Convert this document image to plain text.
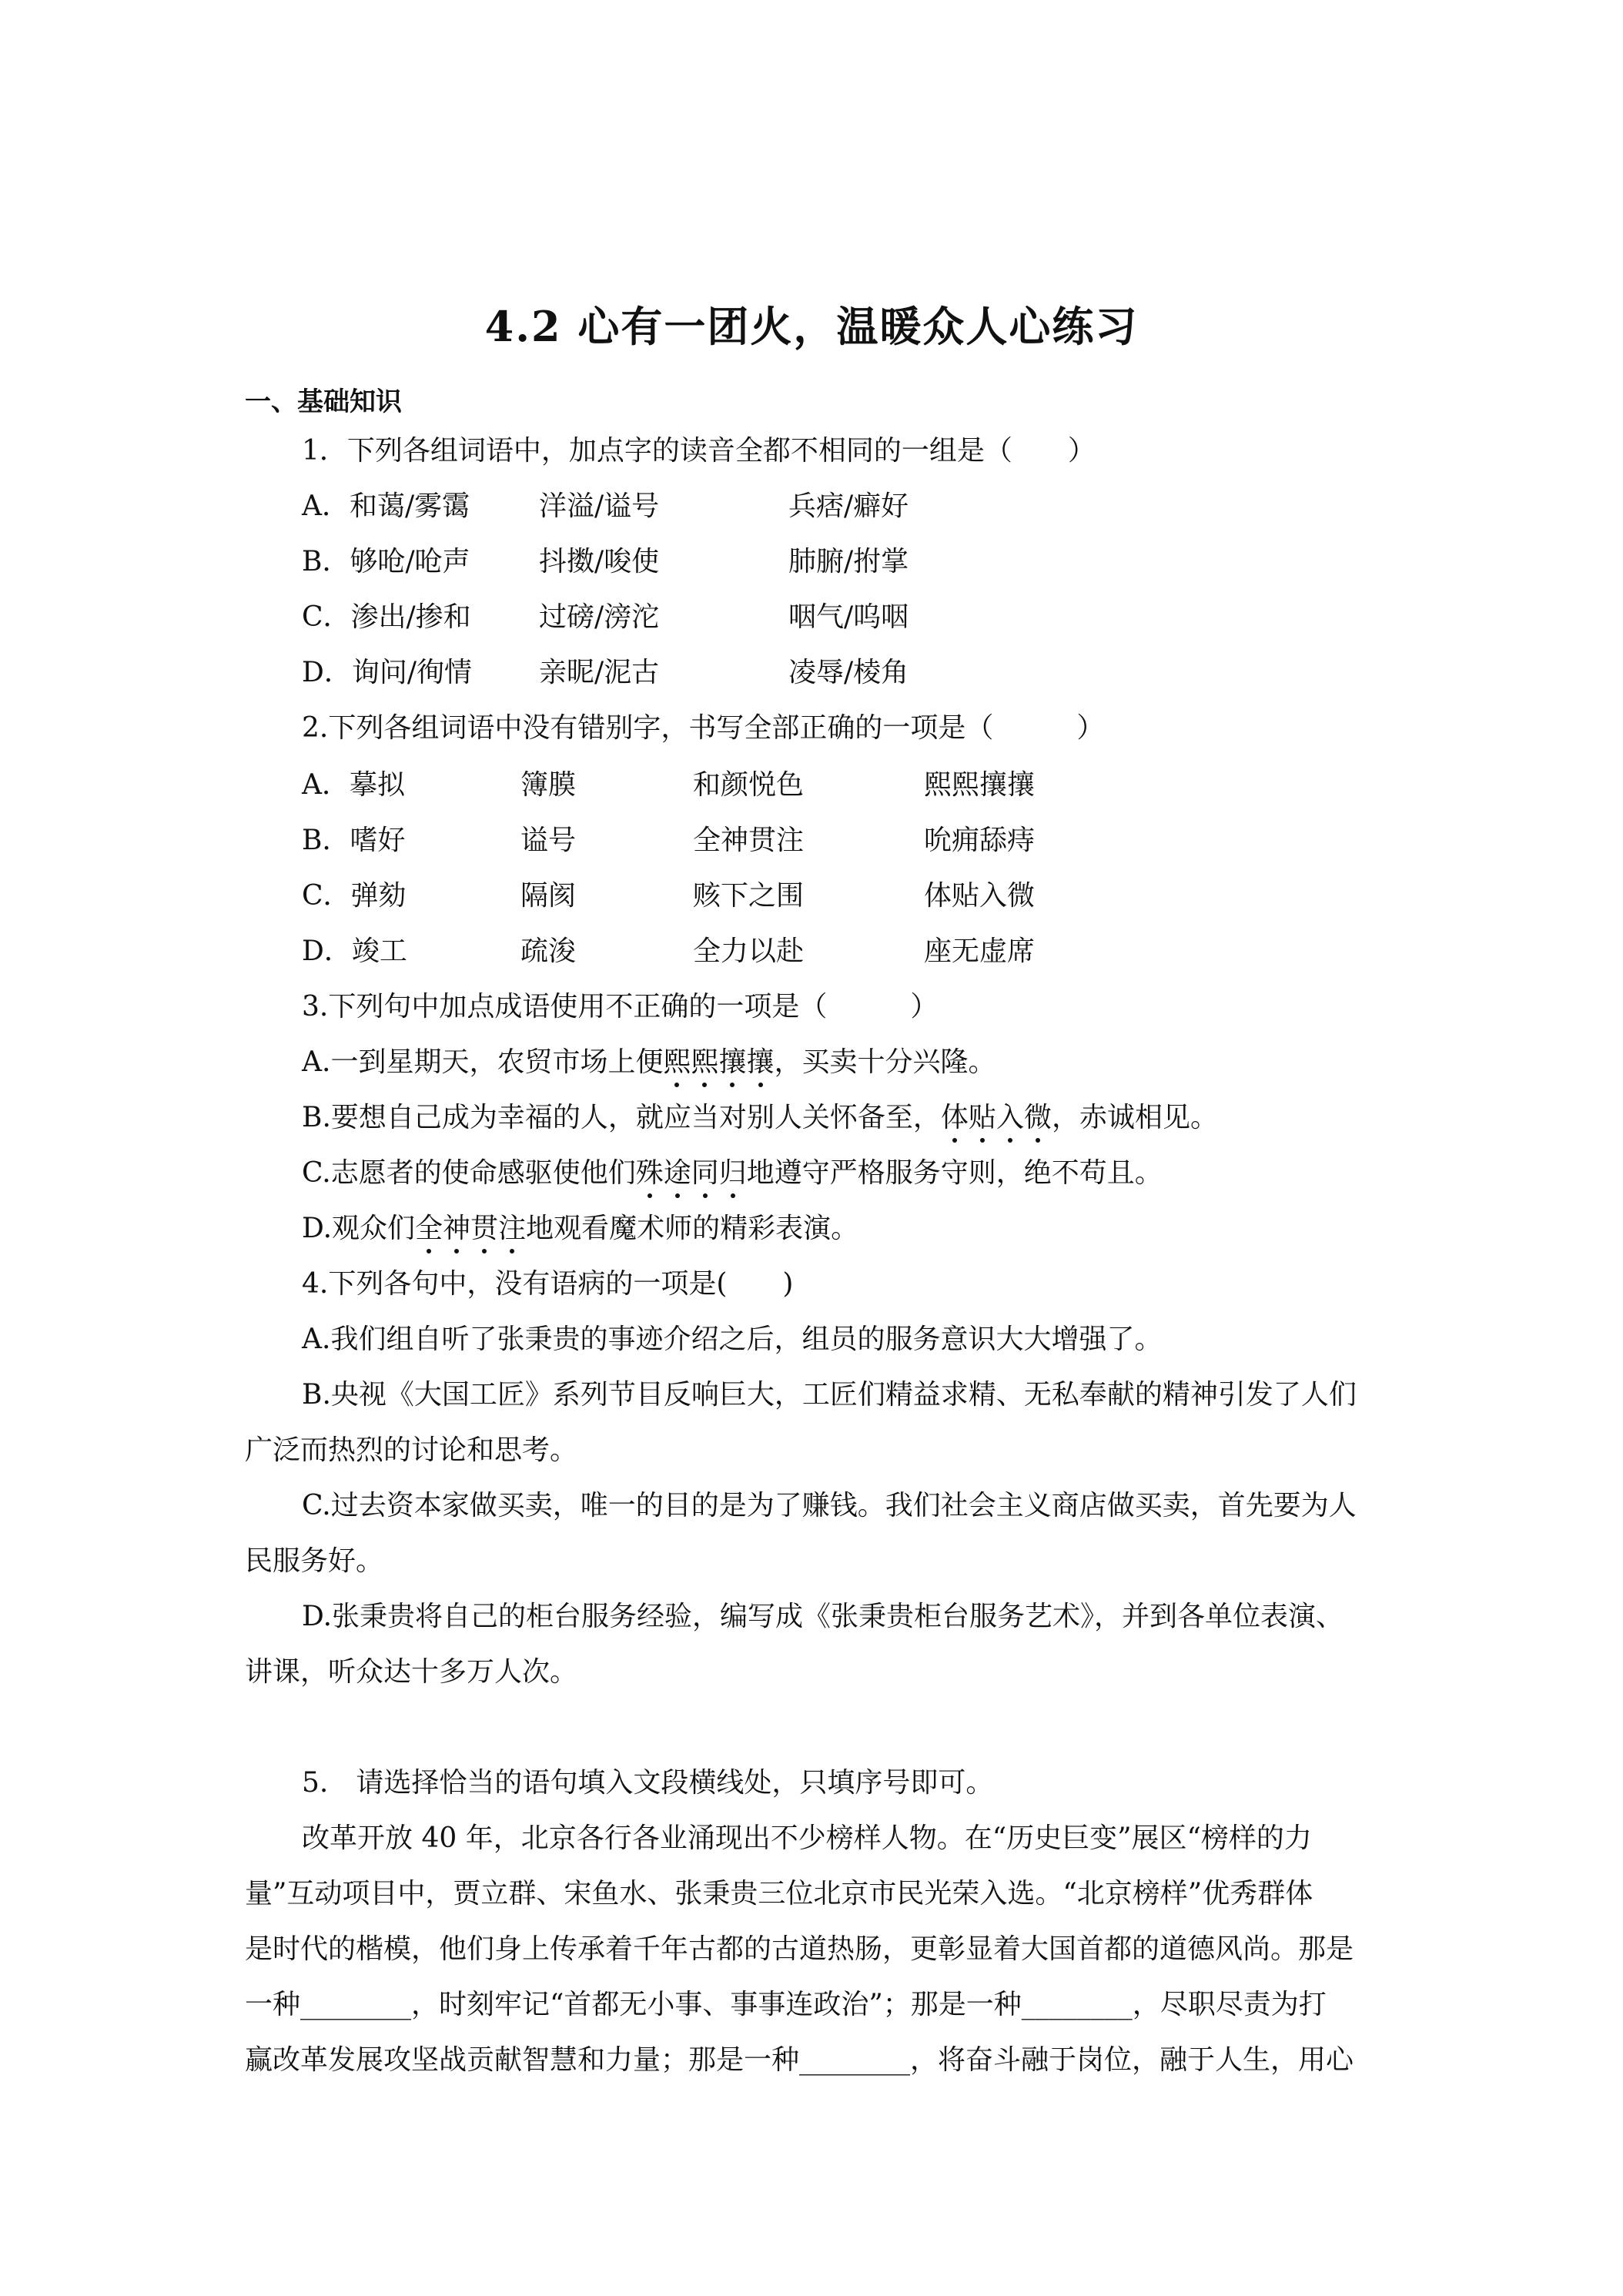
4.2 心有一团火，温暖众人心练习
一、基础知识
1．下列各组词语中，加点字的读音全都不相同的一组是（　　）
A．和蔼/雾霭 洋溢/谥号	兵痞/癖好
B．够呛/呛声 抖擞/唆使	肺腑/拊掌
C．渗出/掺和 过磅/滂沱	咽气/呜咽
D．询问/徇情 亲昵/泥古	凌辱/棱角
2.下列各组词语中没有错别字，书写全部正确的一项是（　　　）
A．摹拟	簿膜	和颜悦色	熙熙攘攘
B．嗜好	谥号	全神贯注	吮痈舔痔
C．弹劾	隔阂	赅下之围	体贴入微
D．竣工	疏浚	全力以赴	座无虚席
3.下列句中加点成语使用不正确的一项是（　　　）
A.一到星期天，农贸市场上便熙熙攘攘，买卖十分兴隆。
B.要想自己成为幸福的人，就应当对别人关怀备至，体贴入微，赤诚相见。
C.志愿者的使命感驱使他们殊途同归地遵守严格服务守则，绝不苟且。
D.观众们全神贯注地观看魔术师的精彩表演。
4.下列各句中，没有语病的一项是(　　)
A.我们组自听了张秉贵的事迹介绍之后，组员的服务意识大大增强了。
B.央视《大国工匠》系列节目反响巨大，工匠们精益求精、无私奉献的精神引发了人们
广泛而热烈的讨论和思考。
C.过去资本家做买卖，唯一的目的是为了赚钱。我们社会主义商店做买卖，首先要为人
民服务好。
D.张秉贵将自己的柜台服务经验，编写成《张秉贵柜台服务艺术》，并到各单位表演、
讲课，听众达十多万人次。
5.　请选择恰当的语句填入文段横线处，只填序号即可。
改革开放 40 年，北京各行各业涌现出不少榜样人物。在“历史巨变”展区“榜样的力
量”互动项目中，贾立群、宋鱼水、张秉贵三位北京市民光荣入选。“北京榜样”优秀群体
是时代的楷模，他们身上传承着千年古都的古道热肠，更彰显着大国首都的道德风尚。那是
一种________，时刻牢记“首都无小事、事事连政治”；那是一种________，尽职尽责为打
赢改革发展攻坚战贡献智慧和力量；那是一种________，将奋斗融于岗位，融于人生，用心
